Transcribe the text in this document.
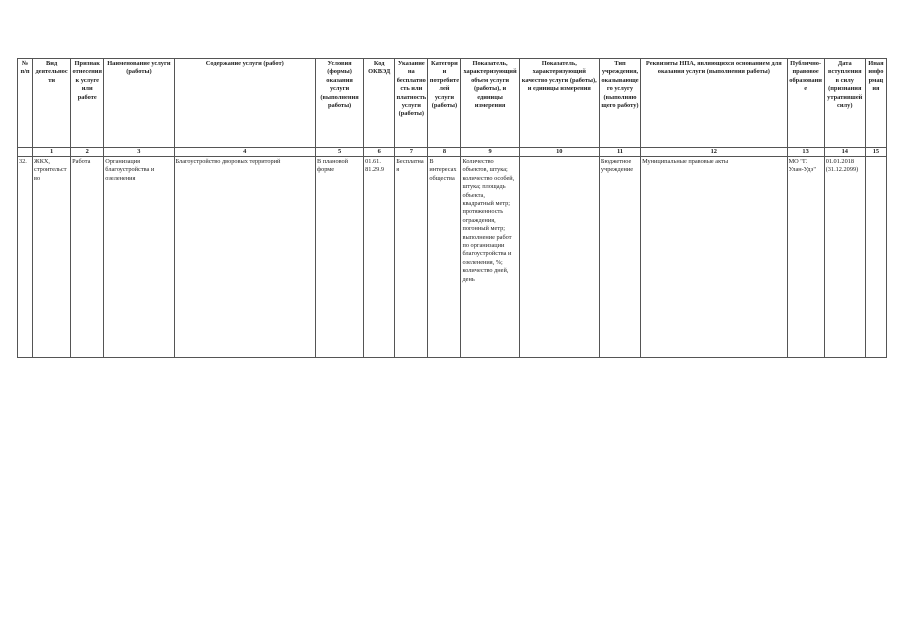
№ п/п	Вид деятельности	Признак отнесения к услуге или работе	Наименование услуги (работы)	Содержание услуги (работ)	Условия (формы) оказания услуги (выполнения работы)	Код ОКВЭД	Указание на бесплатность или платность услуги (работы)	Категории потребителей услуги (работы)	Показатель, характеризующий объем услуги (работы), и единицы измерения	Показатель, характеризующий качество услуги (работы), и единицы измерения	Тип учреждения, оказывающего услугу (выполняющего работу)	Реквизиты НПА, являющихся основанием для оказания услуги (выполнения работы)	Публично-правовое образование	Дата вступления в силу (признания утратившей силу)	Иная информация
	1	2	3	4	5	6	7	8	9	10	11	12	13	14	15
32.	ЖКХ, строительство	Работа	Организация благоустройства и озеленения	Благоустройство дворовых территорий	В плановой форме	01.61. 81.29.9	Бесплатная	В интересах общества	Количество объектов, штука; количество особей, штука; площадь объекта, квадратный метр; протяженность ограждения, погонный метр; выполнение работ по организации благоустройства и озеленения, %; количество дней, день		Бюджетное учреждение	Муниципальные правовые акты	МО "Г. Улан-Удэ"	01.01.2018 (31.12.2099)	
